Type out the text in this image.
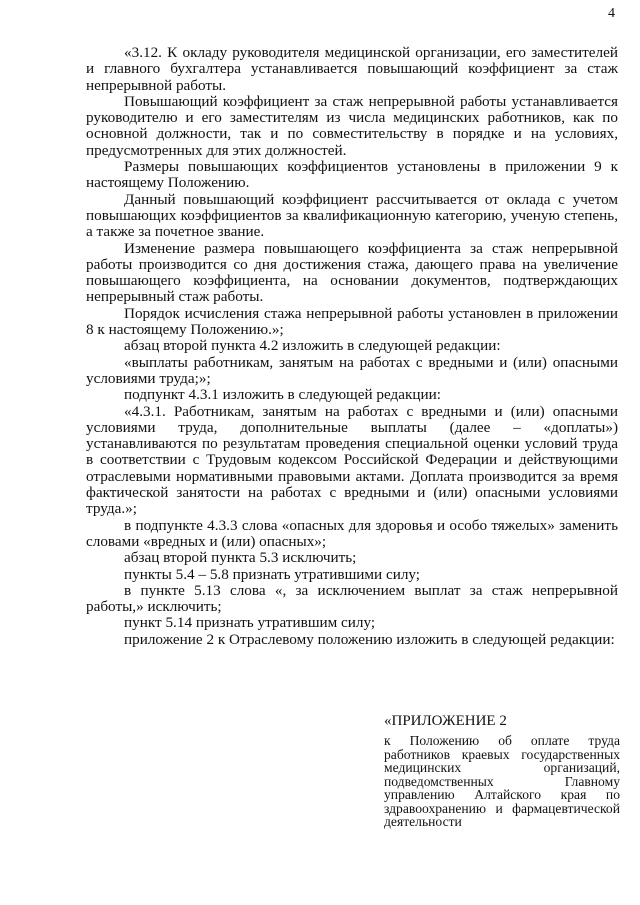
4

«3.12. К окладу руководителя медицинской организации, его заместителей и главного бухгалтера устанавливается повышающий коэффициент за стаж непрерывной работы.

Повышающий коэффициент за стаж непрерывной работы устанавливается руководителю и его заместителям из числа медицинских работников, как по основной должности, так и по совместительству в порядке и на условиях, предусмотренных для этих должностей.

Размеры повышающих коэффициентов установлены в приложении 9 к настоящему Положению.

Данный повышающий коэффициент рассчитывается от оклада с учетом повышающих коэффициентов за квалификационную категорию, ученую степень, а также за почетное звание.

Изменение размера повышающего коэффициента за стаж непрерывной работы производится со дня достижения стажа, дающего права на увеличение повышающего коэффициента, на основании документов, подтверждающих непрерывный стаж работы.

Порядок исчисления стажа непрерывной работы установлен в приложении 8 к настоящему Положению.»;

абзац второй пункта 4.2 изложить в следующей редакции:

«выплаты работникам, занятым на работах с вредными и (или) опасными условиями труда;»;

подпункт 4.3.1 изложить в следующей редакции:

«4.3.1. Работникам, занятым на работах с вредными и (или) опасными условиями труда, дополнительные выплаты (далее – «доплаты») устанавливаются по результатам проведения специальной оценки условий труда в соответствии с Трудовым кодексом Российской Федерации и действующими отраслевыми нормативными правовыми актами. Доплата производится за время фактической занятости на работах с вредными и (или) опасными условиями труда.»;

в подпункте 4.3.3 слова «опасных для здоровья и особо тяжелых» заменить словами «вредных и (или) опасных»;

абзац второй пункта 5.3 исключить;

пункты 5.4 – 5.8 признать утратившими силу;

в пункте 5.13 слова «, за исключением выплат за стаж непрерывной работы,» исключить;

пункт 5.14 признать утратившим силу;

приложение 2 к Отраслевому положению изложить в следующей редакции:

«ПРИЛОЖЕНИЕ 2
к Положению об оплате труда работников краевых государственных медицинских организаций, подведомственных Главному управлению Алтайского края по здравоохранению и фармацевтической деятельности
